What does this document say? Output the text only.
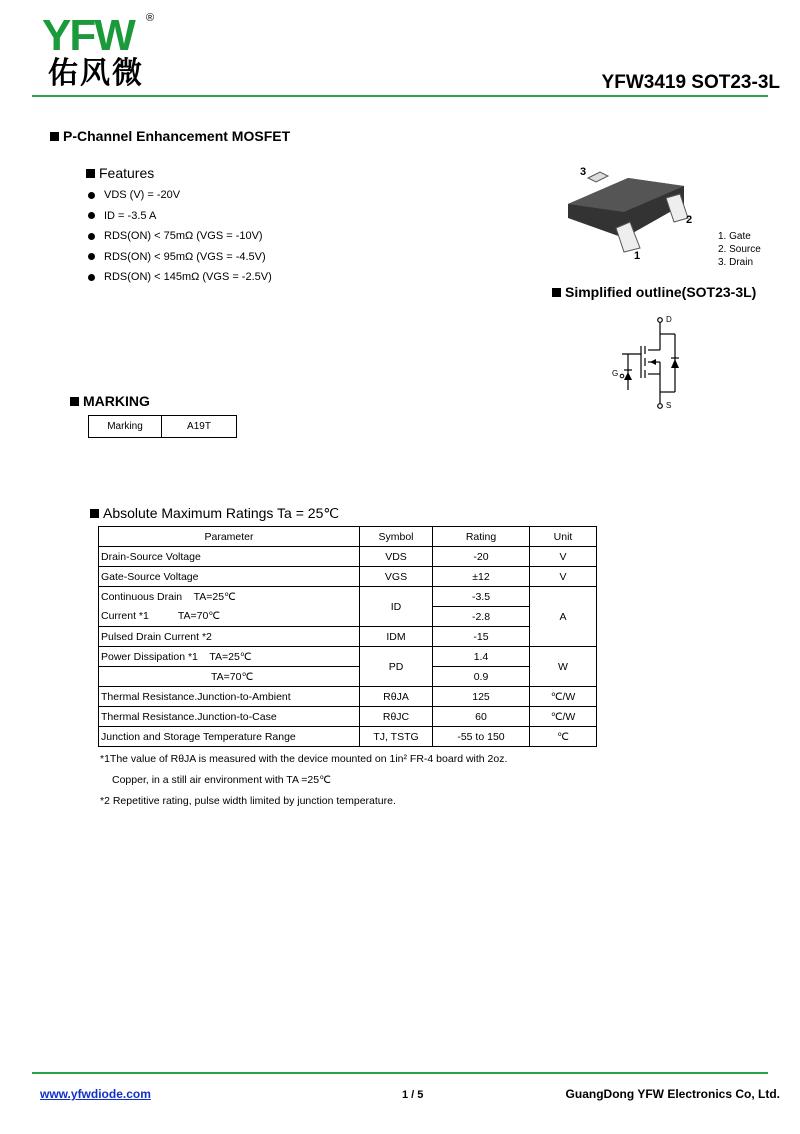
YFW ®
佑风微	YFW3419 SOT23-3L
P-Channel Enhancement MOSFET
Features
VDS (V) = -20V
ID = -3.5 A
RDS(ON) < 75mΩ (VGS = -10V)
RDS(ON) < 95mΩ (VGS = -4.5V)
RDS(ON) < 145mΩ (VGS = -2.5V)
3
2
1
1. Gate
2. Source
3. Drain
Simplified outline(SOT23-3L)
D
G
S
MARKING
Marking	A19T
Absolute Maximum Ratings Ta = 25℃
Parameter	Symbol	Rating	Unit
Drain-Source Voltage	VDS	-20	V
Gate-Source Voltage	VGS	±12	V
Continuous Drain    TA=25℃	ID	-3.5	A
Current *1          TA=70℃		-2.8	
Pulsed Drain Current *2	IDM	-15	
Power Dissipation *1    TA=25℃	PD	1.4	W
TA=70℃		0.9	
Thermal Resistance.Junction-to-Ambient	RθJA	125	℃/W
Thermal Resistance.Junction-to-Case	RθJC	60	℃/W
Junction and Storage Temperature Range	TJ, TSTG	-55 to 150	℃
*1The value of RθJA is measured with the device mounted on 1in² FR-4 board with 2oz.
Copper, in a still air environment with TA =25℃
*2 Repetitive rating, pulse width limited by junction temperature.
www.yfwdiode.com	1 / 5	GuangDong YFW Electronics Co, Ltd.
